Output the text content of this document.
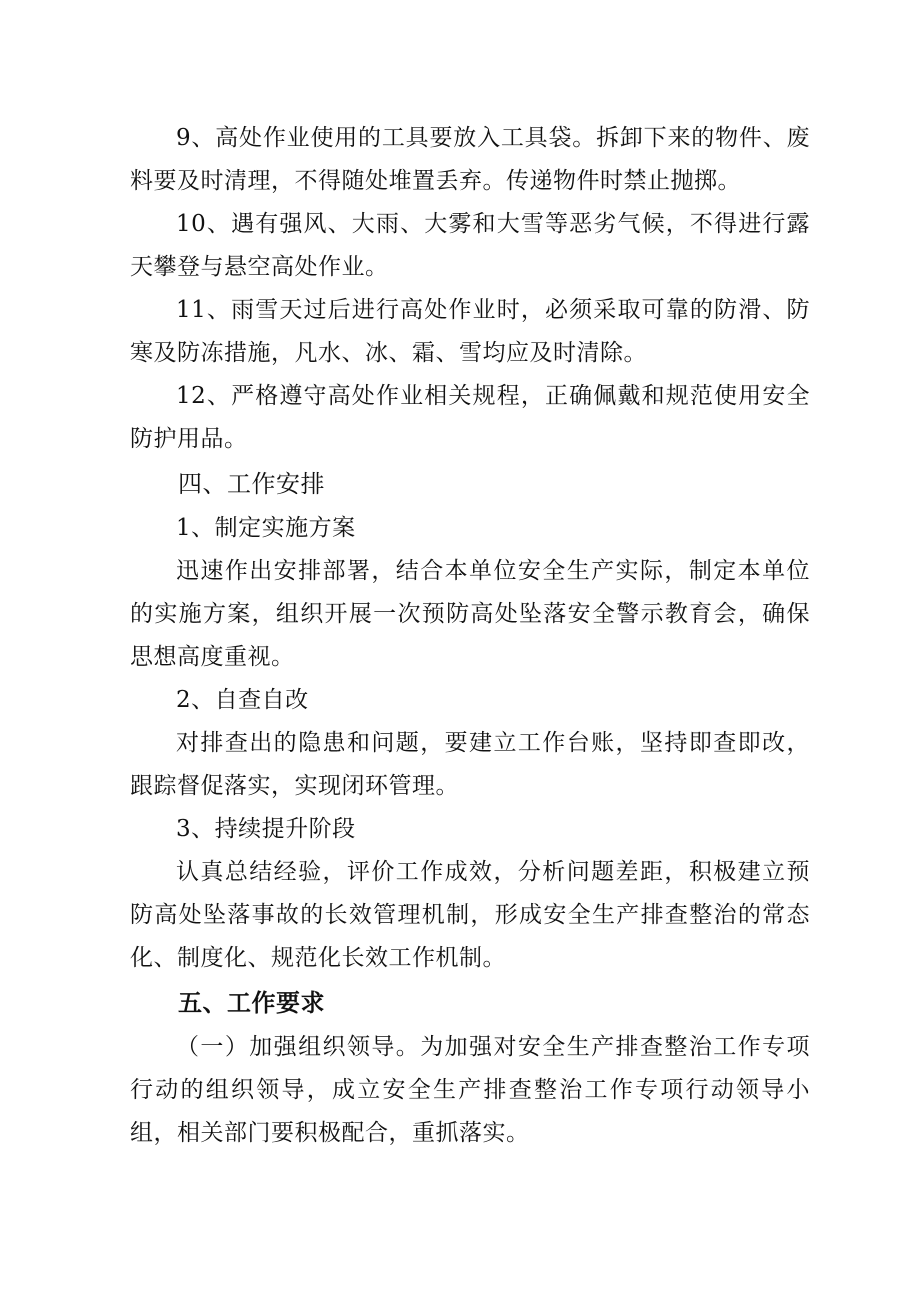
9、高处作业使用的工具要放入工具袋。拆卸下来的物件、废料要及时清理，不得随处堆置丢弃。传递物件时禁止抛掷。

10、遇有强风、大雨、大雾和大雪等恶劣气候，不得进行露天攀登与悬空高处作业。

11、雨雪天过后进行高处作业时，必须采取可靠的防滑、防寒及防冻措施，凡水、冰、霜、雪均应及时清除。

12、严格遵守高处作业相关规程，正确佩戴和规范使用安全防护用品。

四、工作安排

1、制定实施方案

迅速作出安排部署，结合本单位安全生产实际，制定本单位的实施方案，组织开展一次预防高处坠落安全警示教育会，确保思想高度重视。

2、自查自改

对排查出的隐患和问题，要建立工作台账，坚持即查即改，跟踪督促落实，实现闭环管理。

3、持续提升阶段

认真总结经验，评价工作成效，分析问题差距，积极建立预防高处坠落事故的长效管理机制，形成安全生产排查整治的常态化、制度化、规范化长效工作机制。

五、工作要求

（一）加强组织领导。为加强对安全生产排查整治工作专项行动的组织领导，成立安全生产排查整治工作专项行动领导小组，相关部门要积极配合，重抓落实。
